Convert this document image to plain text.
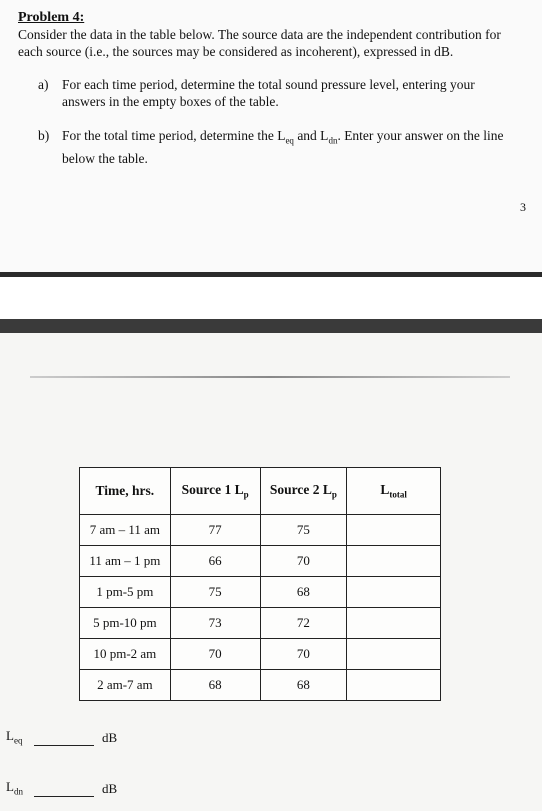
Problem 4:
Consider the data in the table below. The source data are the independent contribution for each source (i.e., the sources may be considered as incoherent), expressed in dB.
a)	For each time period, determine the total sound pressure level, entering your answers in the empty boxes of the table.
b) For the total time period, determine the $L_{eq}$ and $L_{dn}$. Enter your answer on the line below the table.
3
Time, hrs.	Source 1 $L_p$	Source 2 $L_p$	$L_{total}$
7 am – 11 am	77	75	
11 am – 1 pm	66	70	
1 pm-5 pm	75	68	
5 pm-10 pm	73	72	
10 pm-2 am	70	70	
2 am-7 am	68	68	
$L_{eq}$	dB
$L_{dn}$	dB
